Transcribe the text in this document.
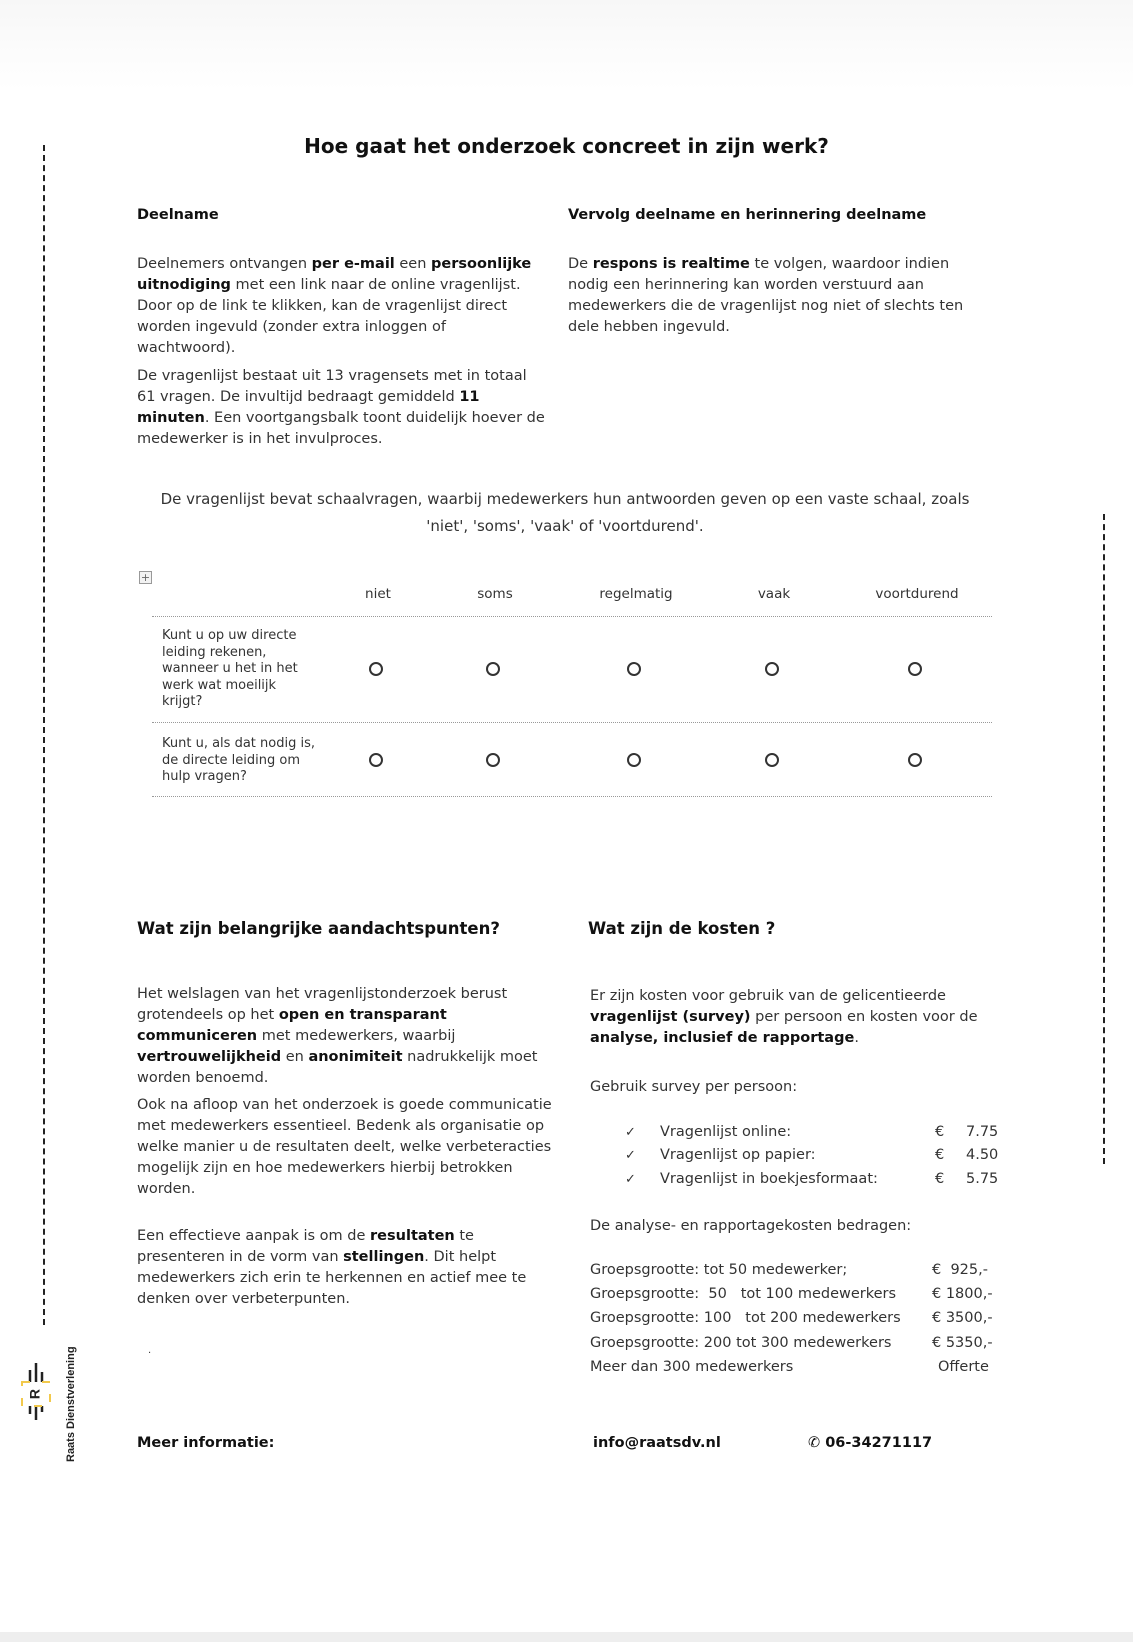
Hoe gaat het onderzoek concreet in zijn werk?
Deelname
Deelnemers ontvangen per e-mail een persoonlijke uitnodiging met een link naar de online vragenlijst. Door op de link te klikken, kan de vragenlijst direct worden ingevuld (zonder extra inloggen of wachtwoord).
De vragenlijst bestaat uit 13 vragensets met in totaal 61 vragen. De invultijd bedraagt gemiddeld 11 minuten. Een voortgangsbalk toont duidelijk hoever de medewerker is in het invulproces.
Vervolg deelname en herinnering deelname
De respons is realtime te volgen, waardoor indien nodig een herinnering kan worden verstuurd aan medewerkers die de vragenlijst nog niet of slechts ten dele hebben ingevuld.
De vragenlijst bevat schaalvragen, waarbij medewerkers hun antwoorden geven op een vaste schaal, zoals 'niet', 'soms', 'vaak' of 'voortdurend'.
+
niet	soms	regelmatig	vaak	voortdurend
Kunt u op uw directe leiding rekenen, wanneer u het in het werk wat moeilijk krijgt?
Kunt u, als dat nodig is, de directe leiding om hulp vragen?
Wat zijn belangrijke aandachtspunten?
Het welslagen van het vragenlijstonderzoek berust grotendeels op het open en transparant communiceren met medewerkers, waarbij vertrouwelijkheid en anonimiteit nadrukkelijk moet worden benoemd.
Ook na afloop van het onderzoek is goede communicatie met medewerkers essentieel. Bedenk als organisatie op welke manier u de resultaten deelt, welke verbeteracties mogelijk zijn en hoe medewerkers hierbij betrokken worden.
Een effectieve aanpak is om de resultaten te presenteren in de vorm van stellingen. Dit helpt medewerkers zich erin te herkennen en actief mee te denken over verbeterpunten.
.
Wat zijn de kosten ?
Er zijn kosten voor gebruik van de gelicentieerde vragenlijst (survey) per persoon en kosten voor de analyse, inclusief de rapportage.
Gebruik survey per persoon:
✓ Vragenlijst online:	€ 7.75
✓ Vragenlijst op papier:	€ 4.50
✓ Vragenlijst in boekjesformaat:	€ 5.75
De analyse- en rapportagekosten bedragen:
Groepsgrootte: tot 50 medewerker;	€  925,-
Groepsgrootte:  50   tot 100 medewerkers € 1800,-
Groepsgrootte: 100   tot 200 medewerkers € 3500,-
Groepsgrootte: 200 tot 300 medewerkers	€ 5350,-
Meer dan 300 medewerkers	Offerte
R Raats Dienstverlening	Meer informatie:	info@raatsdv.nl	✆ 06-34271117
